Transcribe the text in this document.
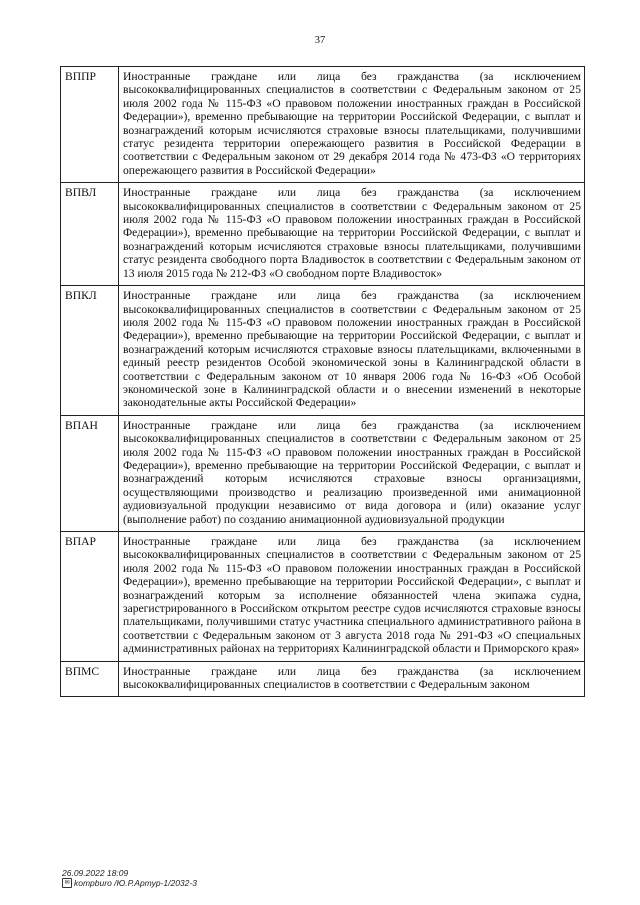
37
ВППР	Иностранные граждане или лица без гражданства (за исключением высококвалифицированных специалистов в соответствии с Федеральным законом от 25 июля 2002 года № 115-ФЗ «О правовом положении иностранных граждан в Российской Федерации»), временно пребывающие на территории Российской Федерации, с выплат и вознаграждений которым исчисляются страховые взносы плательщиками, получившими статус резидента территории опережающего развития в Российской Федерации в соответствии с Федеральным законом от 29 декабря 2014 года № 473-ФЗ «О территориях опережающего развития в Российской Федерации»
ВПВЛ	Иностранные граждане или лица без гражданства (за исключением высококвалифицированных специалистов в соответствии с Федеральным законом от 25 июля 2002 года № 115-ФЗ «О правовом положении иностранных граждан в Российской Федерации»), временно пребывающие на территории Российской Федерации, с выплат и вознаграждений которым исчисляются страховые взносы плательщиками, получившими статус резидента свободного порта Владивосток в соответствии с Федеральным законом от 13 июля 2015 года № 212-ФЗ «О свободном порте Владивосток»
ВПКЛ	Иностранные граждане или лица без гражданства (за исключением высококвалифицированных специалистов в соответствии с Федеральным законом от 25 июля 2002 года № 115-ФЗ «О правовом положении иностранных граждан в Российской Федерации»), временно пребывающие на территории Российской Федерации, с выплат и вознаграждений которым исчисляются страховые взносы плательщиками, включенными в единый реестр резидентов Особой экономической зоны в Калининградской области в соответствии с Федеральным законом от 10 января 2006 года № 16-ФЗ «Об Особой экономической зоне в Калининградской области и о внесении изменений в некоторые законодательные акты Российской Федерации»
ВПАН	Иностранные граждане или лица без гражданства (за исключением высококвалифицированных специалистов в соответствии с Федеральным законом от 25 июля 2002 года № 115-ФЗ «О правовом положении иностранных граждан в Российской Федерации»), временно пребывающие на территории Российской Федерации, с выплат и вознаграждений которым исчисляются страховые взносы организациями, осуществляющими производство и реализацию произведенной ими анимационной аудиовизуальной продукции независимо от вида договора и (или) оказание услуг (выполнение работ) по созданию анимационной аудиовизуальной продукции
ВПАР	Иностранные граждане или лица без гражданства (за исключением высококвалифицированных специалистов в соответствии с Федеральным законом от 25 июля 2002 года № 115-ФЗ «О правовом положении иностранных граждан в Российской Федерации»), временно пребывающие на территории Российской Федерации», с выплат и вознаграждений которым за исполнение обязанностей члена экипажа судна, зарегистрированного в Российском открытом реестре судов исчисляются страховые взносы плательщиками, получившими статус участника специального административного района в соответствии с Федеральным законом от 3 августа 2018 года № 291-ФЗ «О специальных административных районах на территориях Калининградской области и Приморского края»
ВПМС	Иностранные граждане или лица без гражданства (за исключением высококвалифицированных специалистов в соответствии с Федеральным законом
26.09.2022 18:09
✉ kompburo /Ю.Р.Артур-1/2032-3
